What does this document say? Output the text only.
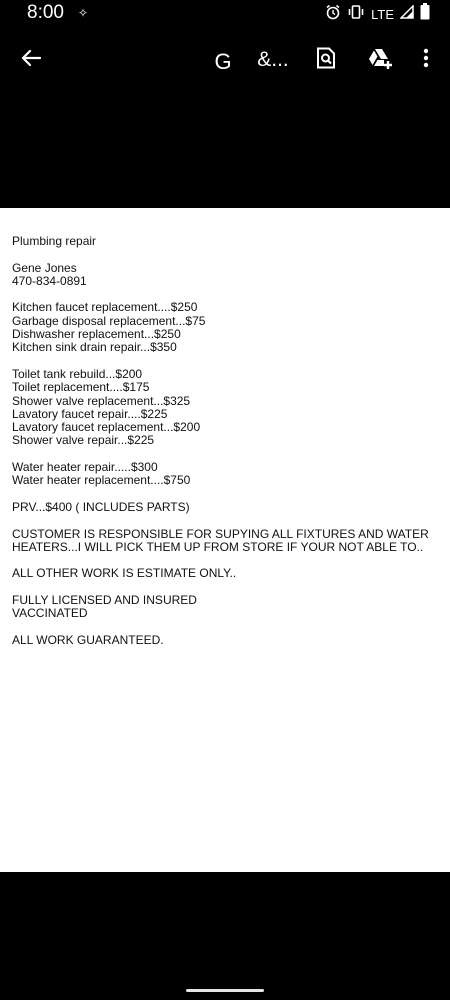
8:00 ✧	LTE
G &...
Plumbing repair
Gene Jones
470-834-0891
Kitchen faucet replacement....$250
Garbage disposal replacement...$75
Dishwasher replacement...$250
Kitchen sink drain repair...$350
Toilet tank rebuild...$200
Toilet replacement....$175
Shower valve replacement...$325
Lavatory faucet repair....$225
Lavatory faucet replacement...$200
Shower valve repair...$225
Water heater repair.....$300
Water heater replacement....$750
PRV...$400 ( INCLUDES PARTS)
CUSTOMER IS RESPONSIBLE FOR SUPYING ALL FIXTURES AND WATER HEATERS...I WILL PICK THEM UP FROM STORE IF YOUR NOT ABLE TO..
ALL OTHER WORK IS ESTIMATE ONLY..
FULLY LICENSED AND INSURED
VACCINATED
ALL WORK GUARANTEED.
